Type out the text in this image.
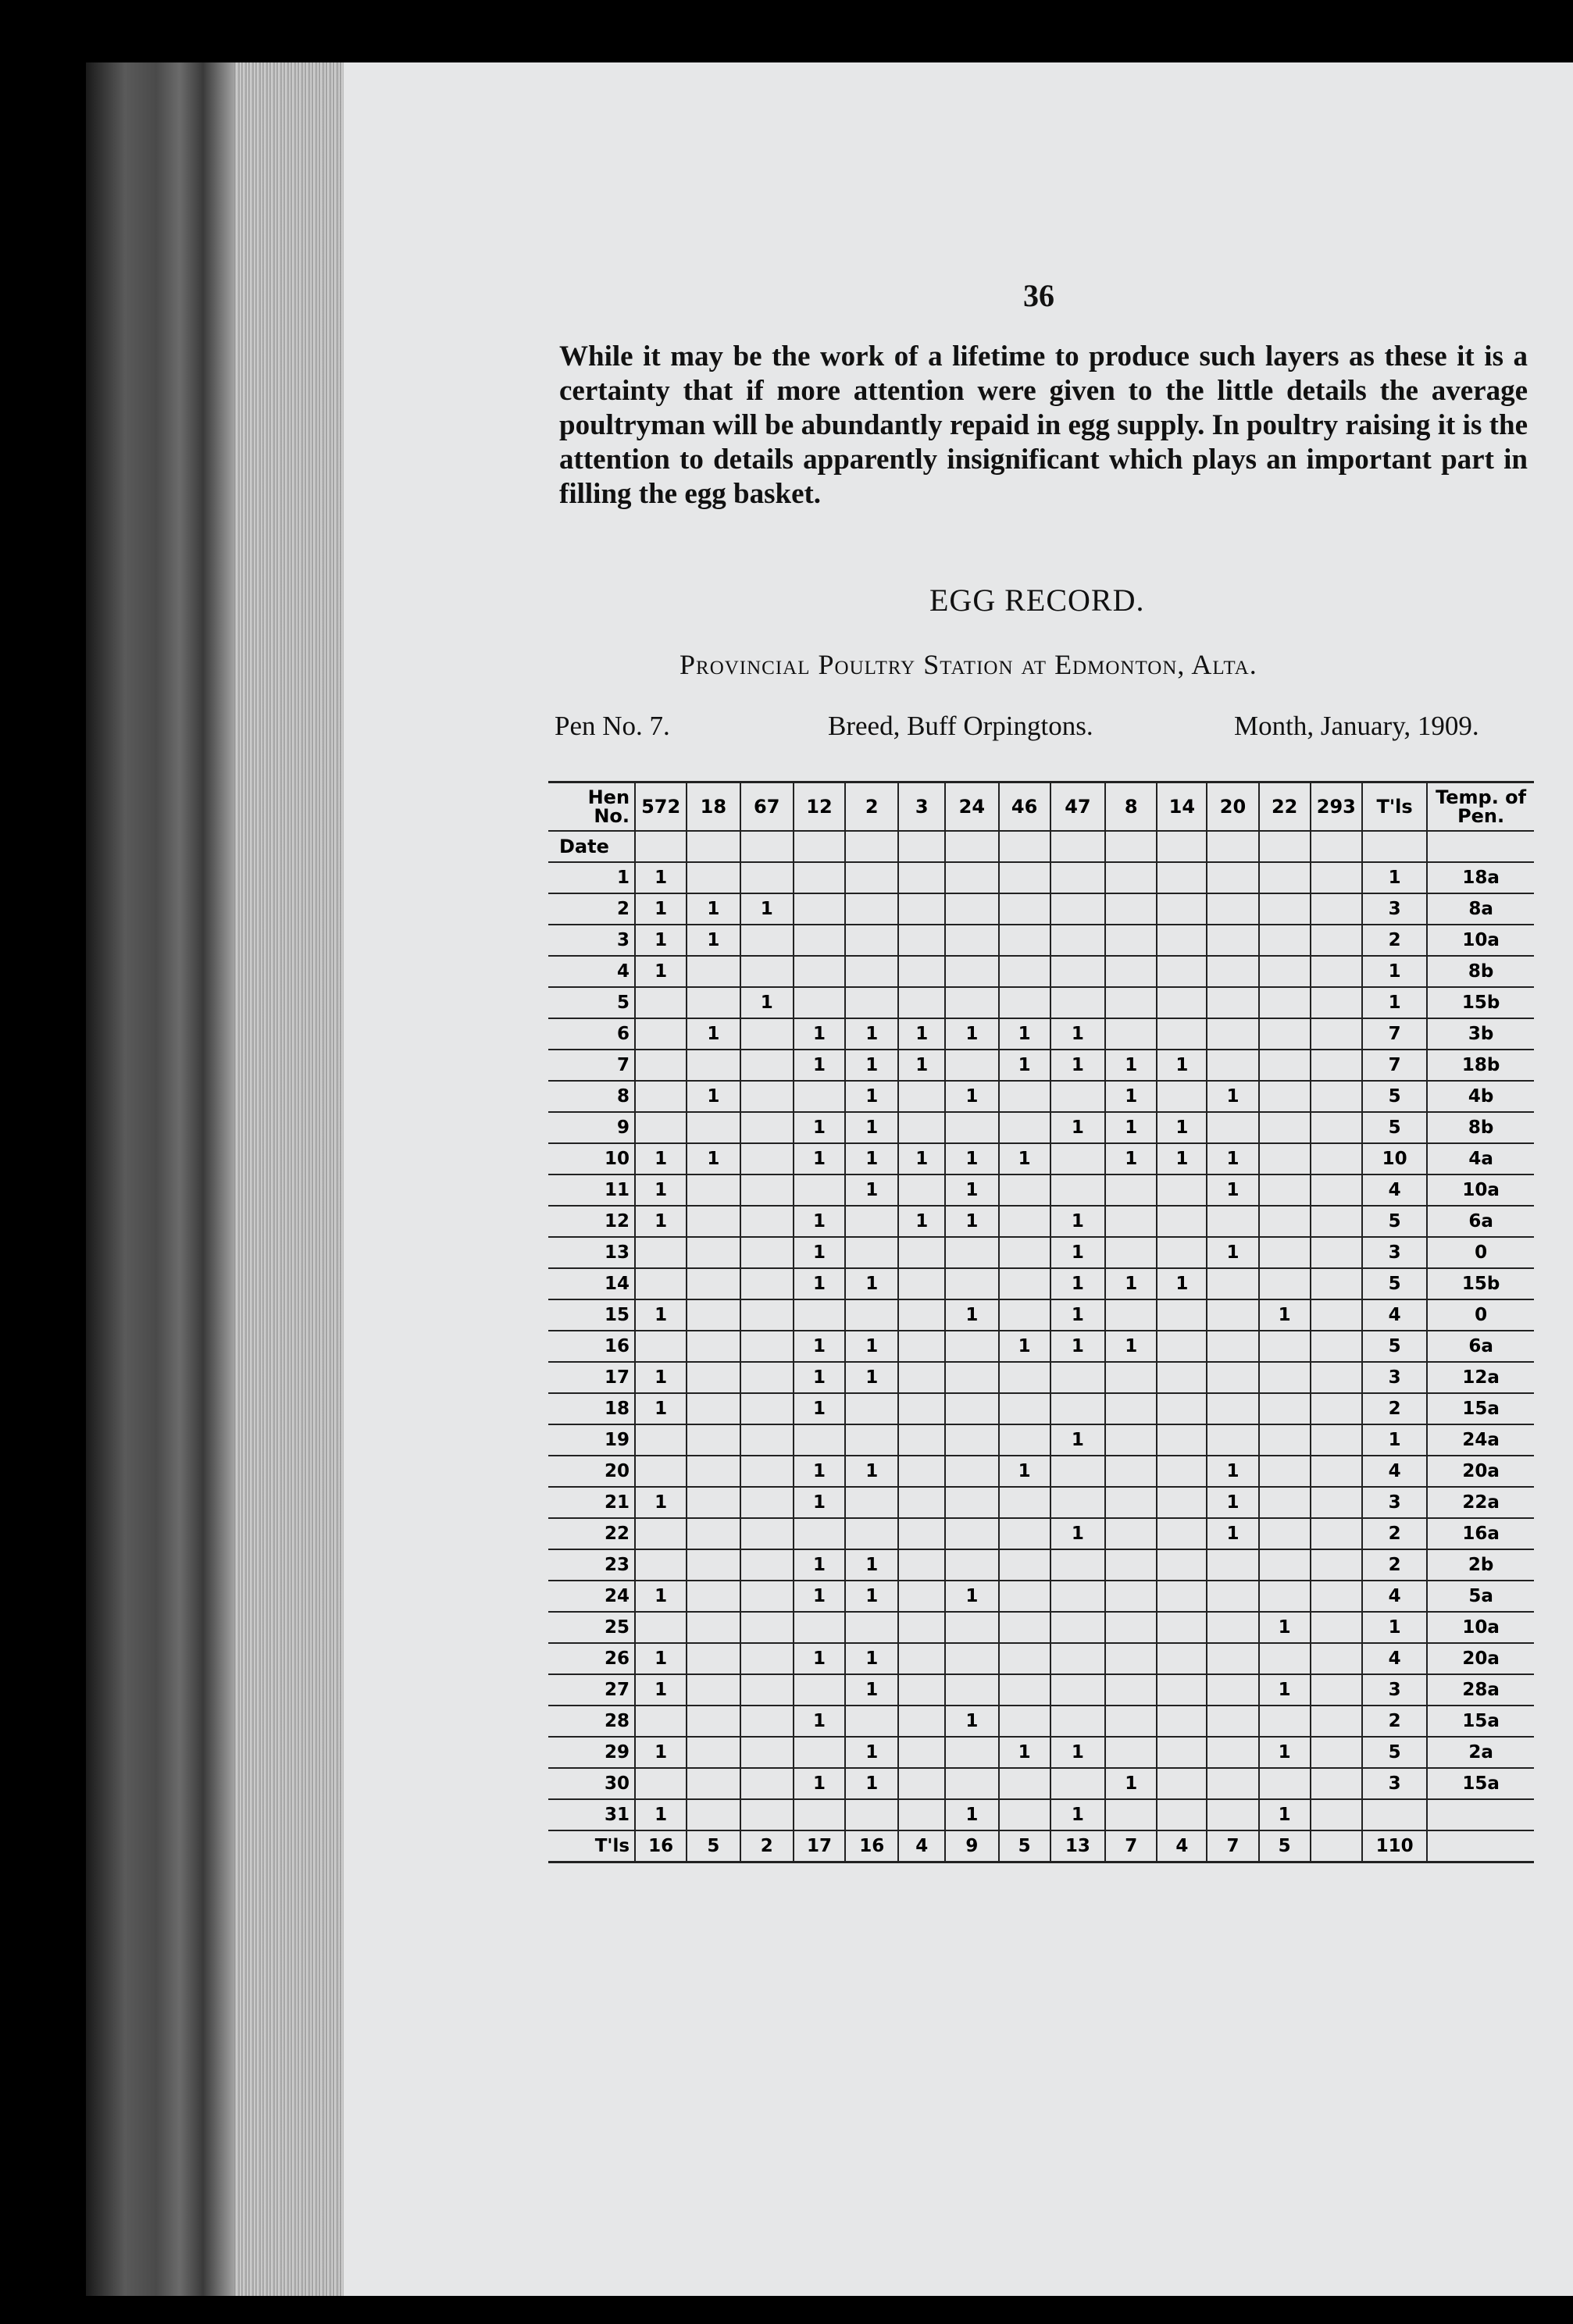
36

While it may be the work of a lifetime to produce such layers as these it is a certainty that if more attention were given to the little details the average poultryman will be abundantly repaid in egg supply. In poultry raising it is the attention to details apparently insignificant which plays an important part in filling the egg basket.

EGG RECORD.
Provincial Poultry Station at Edmonton, Alta.
Pen No. 7.	Breed, Buff Orpingtons.	Month, January, 1909.
Hen No.	572	18	67	12	2	3	24	46	47	8	14	20	22	293	T'ls	Temp. of Pen.
Date																
1	1														1	18a
2	1	1	1												3	8a
3	1	1													2	10a
4	1														1	8b
5			1												1	15b
6		1		1	1	1	1	1	1						7	3b
7				1	1	1		1	1	1	1				7	18b
8		1			1		1			1		1			5	4b
9				1	1				1	1	1				5	8b
10	1	1		1	1	1	1	1		1	1	1			10	4a
11	1				1		1					1			4	10a
12	1			1		1	1		1						5	6a
13				1					1			1			3	0
14				1	1				1	1	1				5	15b
15	1						1		1				1		4	0
16				1	1			1	1	1					5	6a
17	1			1	1										3	12a
18	1			1											2	15a
19									1						1	24a
20				1	1			1				1			4	20a
21	1			1								1			3	22a
22									1			1			2	16a
23				1	1										2	2b
24	1			1	1		1								4	5a
25													1		1	10a
26	1			1	1										4	20a
27	1				1								1		3	28a
28				1			1								2	15a
29	1				1			1	1				1		5	2a
30				1	1					1					3	15a
31	1						1		1				1			
T'ls	16	5	2	17	16	4	9	5	13	7	4	7	5		110	
